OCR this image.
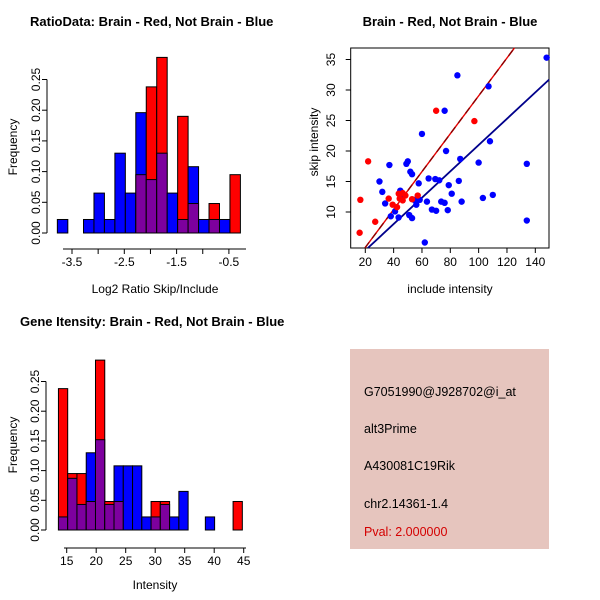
0.00
0.05
0.10
0.15
0.20
0.25
-3.5	-2.5	-1.5	-0.5	20 40 60 80 100 120 140
10
15
20
25
30
35
0.00
0.05
0.10
0.15
0.20
0.25
15 20 25 30 35 40 45
RatioData: Brain - Red, Not Brain - Blue	Brain - Red, Not Brain - Blue
Gene Itensity: Brain - Red, Not Brain - Blue
Log2 Ratio Skip/Include	include intensity
Intensity
Frequency	skip intensity
Frequency
G7051990@J928702@i_at
alt3Prime
A430081C19Rik
chr2.14361-1.4
Pval: 2.000000
